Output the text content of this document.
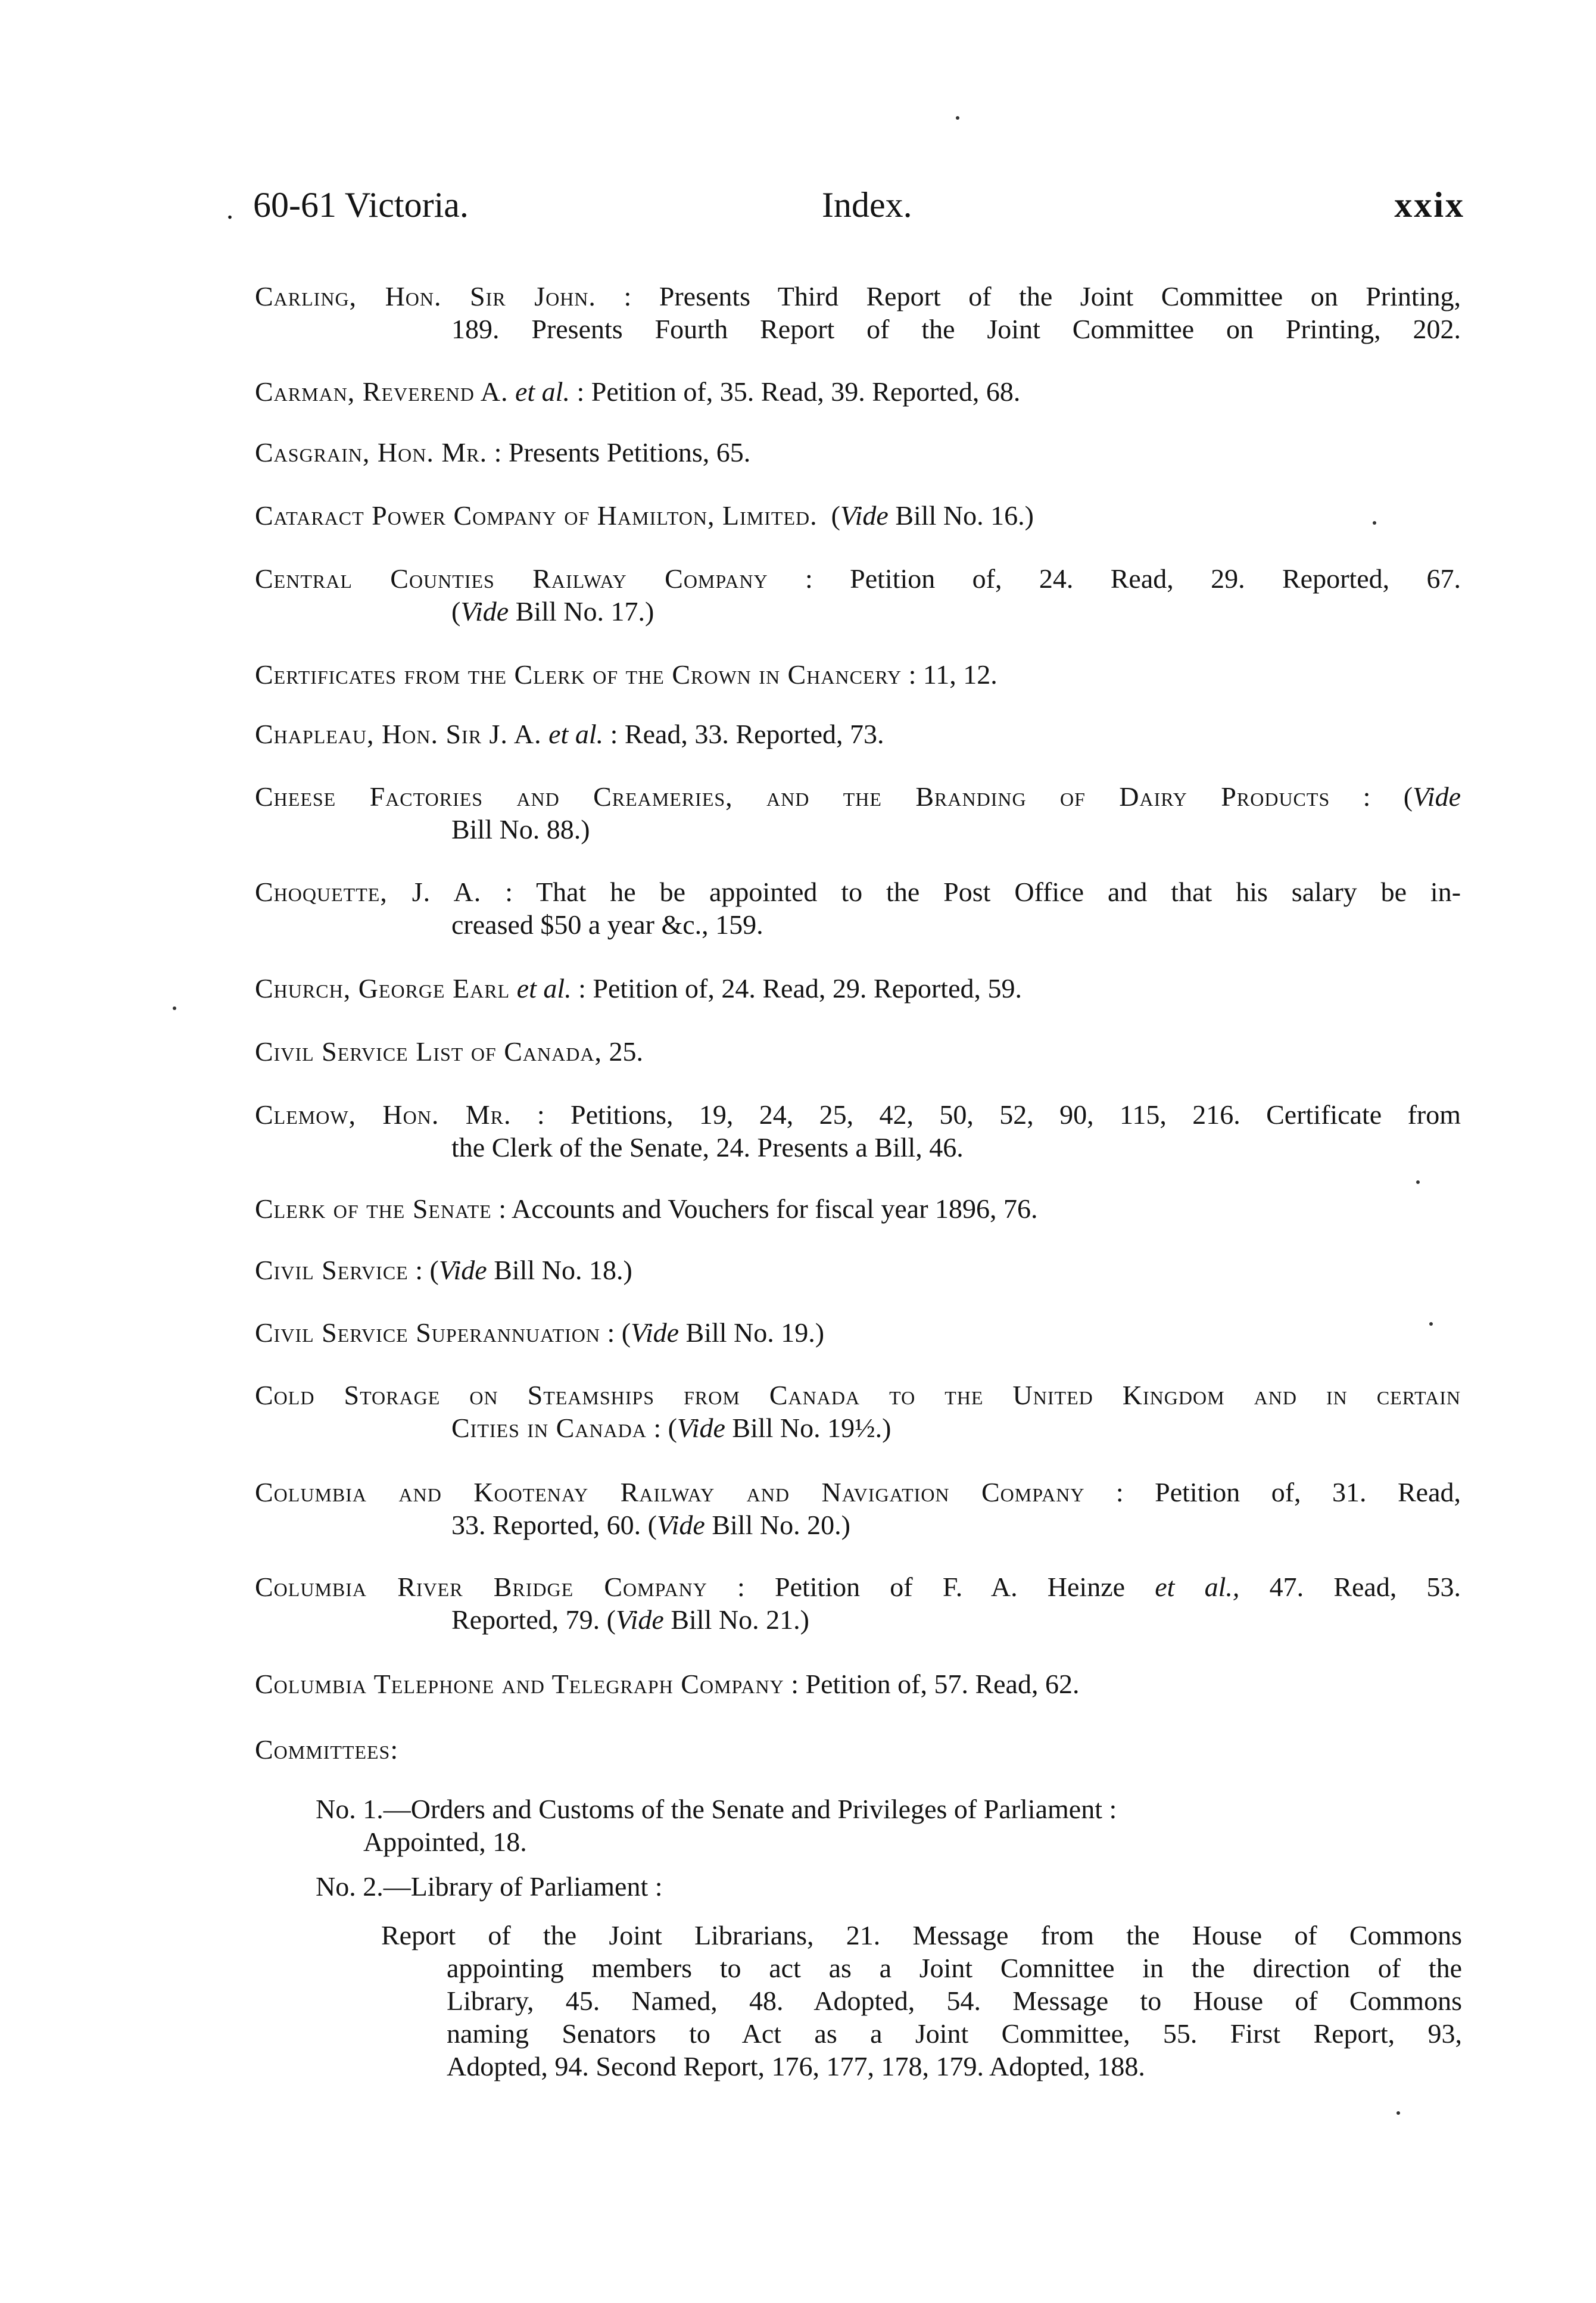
. 60-61 Victoria.	Index.	xxix

Carling, Hon. Sir John. : Presents Third Report of the Joint Committee on Printing,

189. Presents Fourth Report of the Joint Committee on Printing, 202.

Carman, Reverend A. et al. : Petition of, 35. Read, 39. Reported, 68.

Casgrain, Hon. Mr. : Presents Petitions, 65.

Cataract Power Company of Hamilton, Limited.  (Vide Bill No. 16.)

Central Counties Railway Company : Petition of, 24. Read, 29. Reported, 67.

(Vide Bill No. 17.)

Certificates from the Clerk of the Crown in Chancery : 11, 12.

Chapleau, Hon. Sir J. A. et al. : Read, 33. Reported, 73.

Cheese Factories and Creameries, and the Branding of Dairy Products : (Vide

Bill No. 88.)

Choquette, J. A. : That he be appointed to the Post Office and that his salary be in-

creased $50 a year &c., 159.

Church, George Earl et al. : Petition of, 24. Read, 29. Reported, 59.

Civil Service List of Canada, 25.

Clemow, Hon. Mr. : Petitions, 19, 24, 25, 42, 50, 52, 90, 115, 216. Certificate from

the Clerk of the Senate, 24. Presents a Bill, 46.

Clerk of the Senate : Accounts and Vouchers for fiscal year 1896, 76.

Civil Service : (Vide Bill No. 18.)

Civil Service Superannuation : (Vide Bill No. 19.)

Cold Storage on Steamships from Canada to the United Kingdom and in certain

Cities in Canada : (Vide Bill No. 19½.)

Columbia and Kootenay Railway and Navigation Company : Petition of, 31. Read,

33. Reported, 60. (Vide Bill No. 20.)

Columbia River Bridge Company : Petition of F. A. Heinze et al., 47. Read, 53.

Reported, 79. (Vide Bill No. 21.)

Columbia Telephone and Telegraph Company : Petition of, 57. Read, 62.

Committees:

No. 1.—Orders and Customs of the Senate and Privileges of Parliament :

Appointed, 18.

No. 2.—Library of Parliament :

Report of the Joint Librarians, 21. Message from the House of Commons

appointing members to act as a Joint Comnittee in the direction of the

Library, 45. Named, 48. Adopted, 54. Message to House of Commons

naming Senators to Act as a Joint Committee, 55. First Report, 93,

Adopted, 94. Second Report, 176, 177, 178, 179. Adopted, 188.
